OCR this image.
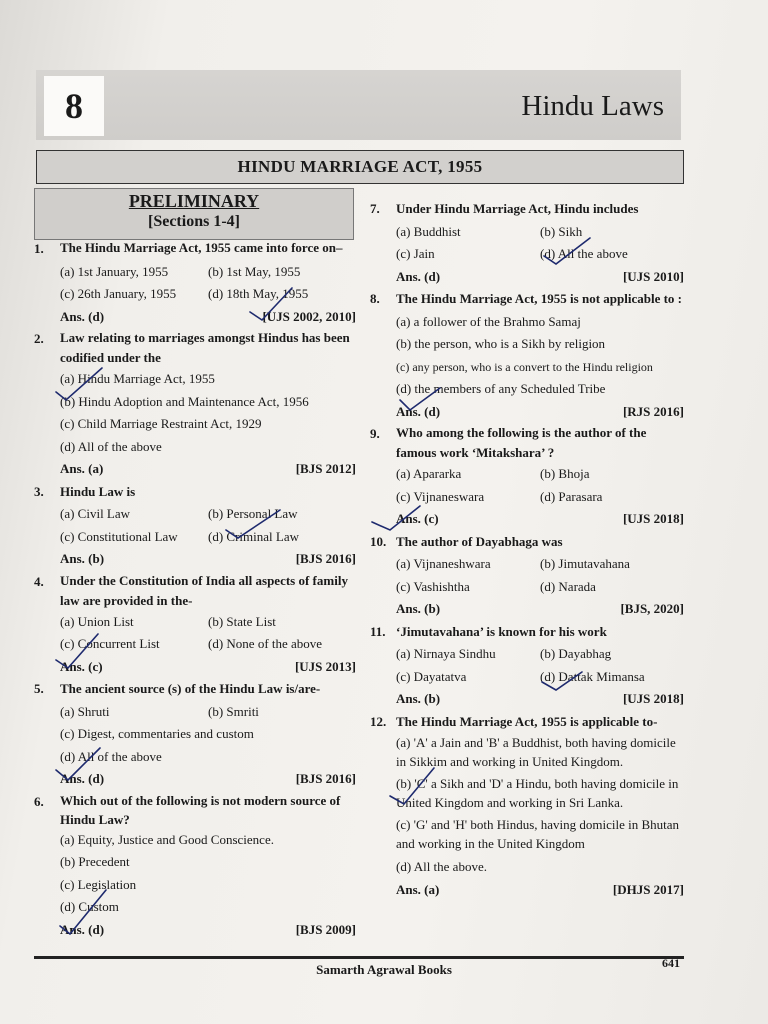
8	Hindu Laws
HINDU MARRIAGE ACT, 1955
PRELIMINARY
[Sections 1-4]
1.	The Hindu Marriage Act, 1955 came into force on–
(a) 1st January, 1955	(b) 1st May, 1955
(c) 26th January, 1955	(d) 18th May, 1955
Ans. (d)	[UJS 2002, 2010]
2.	Law relating to marriages amongst Hindus has been codified under the
(a) Hindu Marriage Act, 1955
(b) Hindu Adoption and Maintenance Act, 1956
(c) Child Marriage Restraint Act, 1929
(d) All of the above
Ans. (a)	[BJS 2012]
3.	Hindu Law is
(a) Civil Law	(b) Personal Law
(c) Constitutional Law	(d) Criminal Law
Ans. (b)	[BJS 2016]
4.	Under the Constitution of India all aspects of family law are provided in the-
(a) Union List	(b) State List
(c) Concurrent List	(d) None of the above
Ans. (c)	[UJS 2013]
5.	The ancient source (s) of the Hindu Law is/are-
(a) Shruti	(b) Smriti
(c) Digest, commentaries and custom
(d) All of the above
Ans. (d)	[BJS 2016]
6.	Which out of the following is not modern source of Hindu Law?
(a) Equity, Justice and Good Conscience.
(b) Precedent
(c) Legislation
(d) Custom
Ans. (d)	[BJS 2009]
7.	Under Hindu Marriage Act, Hindu includes
(a) Buddhist	(b) Sikh
(c) Jain	(d) All the above
Ans. (d)	[UJS 2010]
8.	The Hindu Marriage Act, 1955 is not applicable to :
(a) a follower of the Brahmo Samaj
(b) the person, who is a Sikh by religion
(c) any person, who is a convert to the Hindu religion
(d) the members of any Scheduled Tribe
Ans. (d)	[RJS 2016]
9.	Who among the following is the author of the famous work ‘Mitakshara’ ?
(a) Apararka	(b) Bhoja
(c) Vijnaneswara	(d) Parasara
Ans. (c)	[UJS 2018]
10. The author of Dayabhaga was
(a) Vijnaneshwara	(b) Jimutavahana
(c) Vashishtha	(d) Narada
Ans. (b)	[BJS, 2020]
11. ‘Jimutavahana’ is known for his work
(a) Nirnaya Sindhu	(b) Dayabhag
(c) Dayatatva	(d) Dattak Mimansa
Ans. (b)	[UJS 2018]
12. The Hindu Marriage Act, 1955 is applicable to-
(a) 'A' a Jain and 'B' a Buddhist, both having domicile in Sikkim and working in United Kingdom.
(b) 'C' a Sikh and 'D' a Hindu, both having domicile in United Kingdom and working in Sri Lanka.
(c) 'G' and 'H' both Hindus, having domicile in Bhutan and working in the United Kingdom
(d) All the above.
Ans. (a)	[DHJS 2017]
Samarth Agrawal Books	641
